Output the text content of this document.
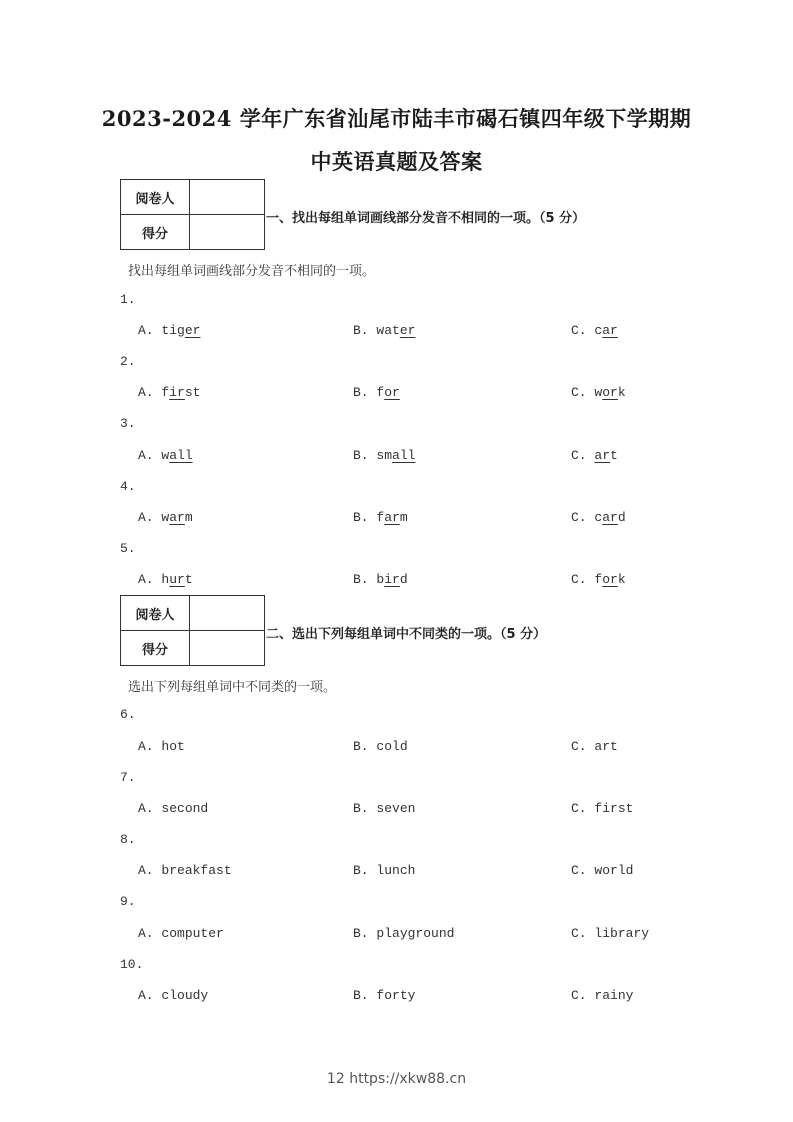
2023-2024 学年广东省汕尾市陆丰市碣石镇四年级下学期期
中英语真题及答案
阅卷人	
得分	
一、找出每组单词画线部分发音不相同的一项。（5 分）
找出每组单词画线部分发音不相同的一项。
1.
A. tiger	B. water	C. car
2.
A. first	B. for	C. work
3.
A. wall	B. small	C. art
4.
A. warm	B. farm	C. card
5.
A. hurt	B. bird	C. fork
阅卷人	
得分	
二、选出下列每组单词中不同类的一项。（5 分）
选出下列每组单词中不同类的一项。
6.
A. hot	B. cold	C. art
7.
A. second	B. seven	C. first
8.
A. breakfast	B. lunch	C. world
9.
A. computer	B. playground	C. library
10.
A. cloudy	B. forty	C. rainy
12 https://xkw88.cn
